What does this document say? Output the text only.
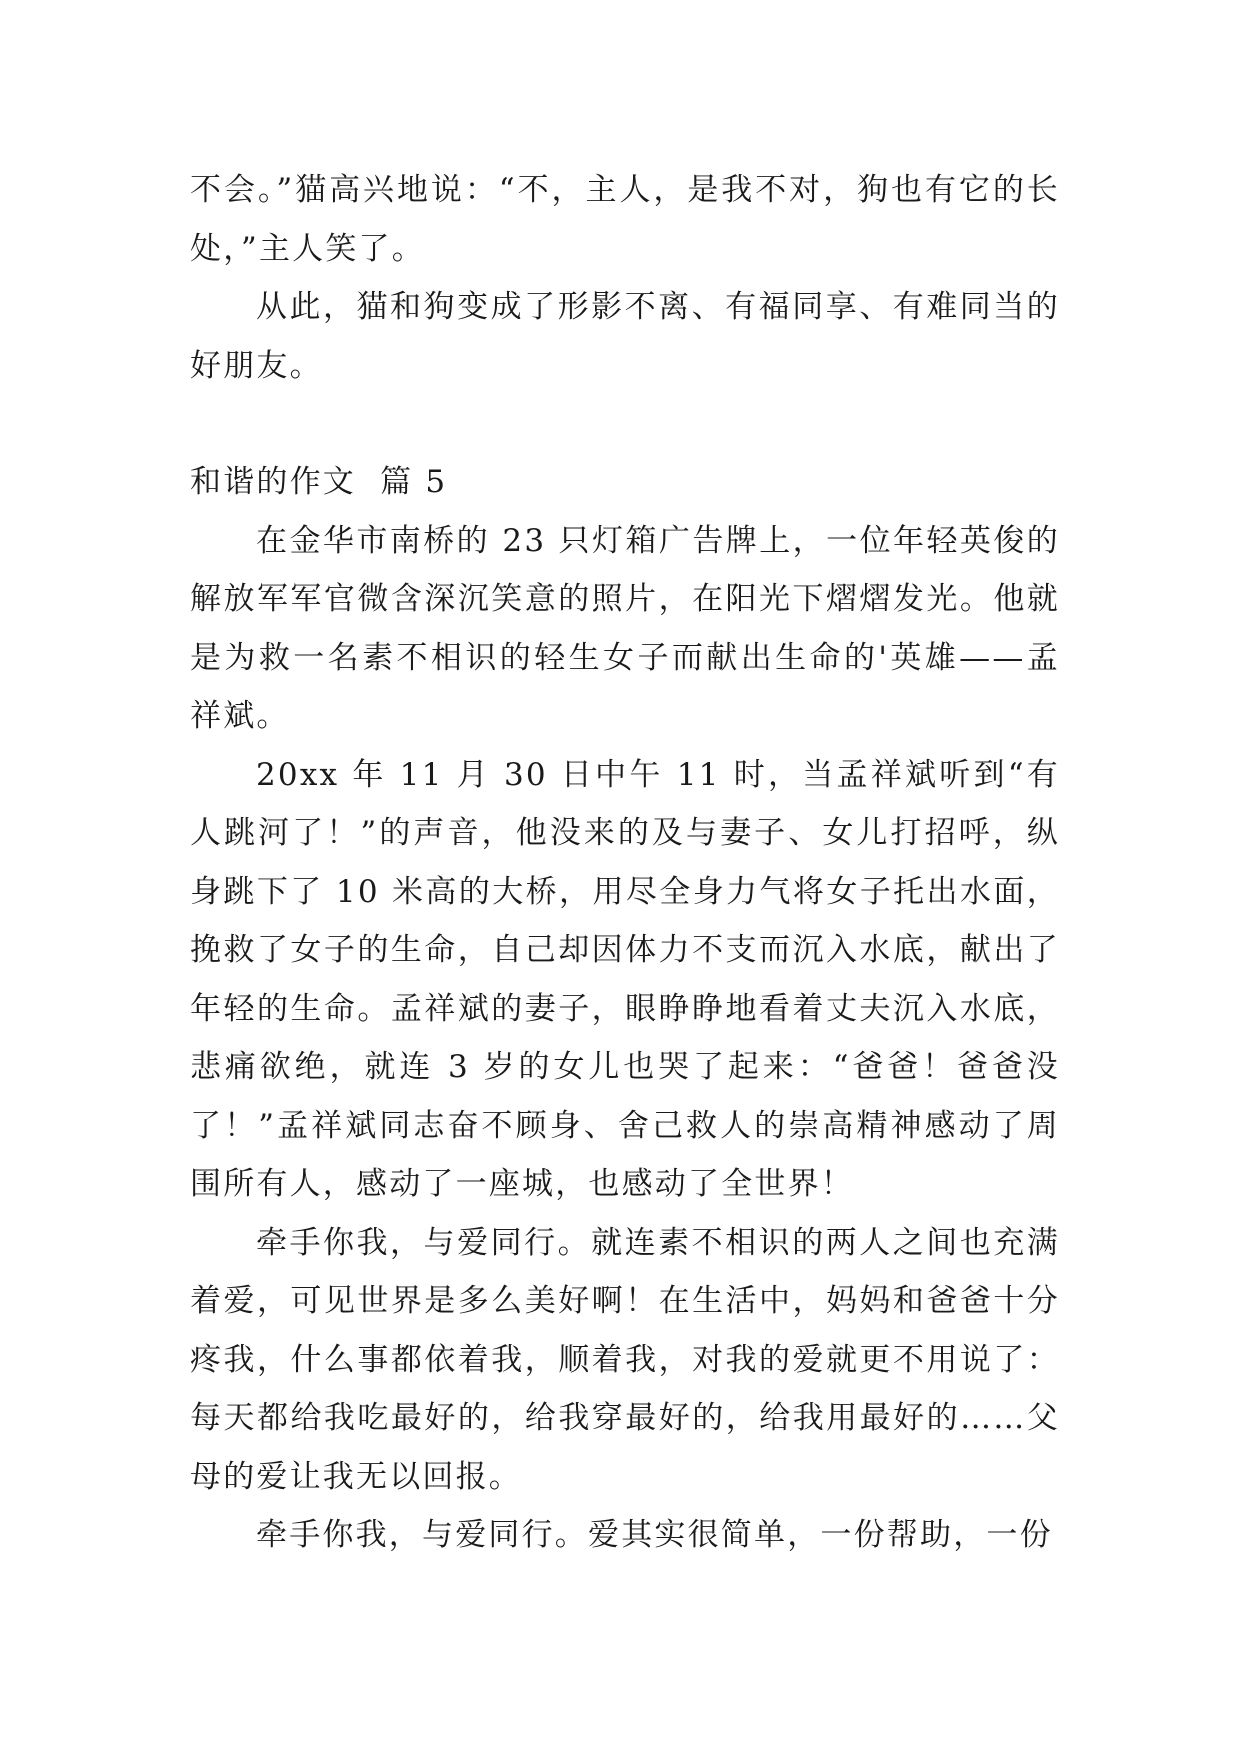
不会。”猫高兴地说：“不，主人，是我不对，狗也有它的长处，”主人笑了。

从此，猫和狗变成了形影不离、有福同享、有难同当的好朋友。

和谐的作文  篇 5

在金华市南桥的 23 只灯箱广告牌上，一位年轻英俊的解放军军官微含深沉笑意的照片，在阳光下熠熠发光。他就是为救一名素不相识的轻生女子而献出生命的'英雄——孟祥斌。

20xx 年 11 月 30 日中午 11 时，当孟祥斌听到“有人跳河了！”的声音，他没来的及与妻子、女儿打招呼，纵身跳下了 10 米高的大桥，用尽全身力气将女子托出水面，挽救了女子的生命，自己却因体力不支而沉入水底，献出了年轻的生命。孟祥斌的妻子，眼睁睁地看着丈夫沉入水底，悲痛欲绝，就连 3 岁的女儿也哭了起来：“爸爸！爸爸没了！”孟祥斌同志奋不顾身、舍己救人的崇高精神感动了周围所有人，感动了一座城，也感动了全世界！

牵手你我，与爱同行。就连素不相识的两人之间也充满着爱，可见世界是多么美好啊！在生活中，妈妈和爸爸十分疼我，什么事都依着我，顺着我，对我的爱就更不用说了：每天都给我吃最好的，给我穿最好的，给我用最好的……父母的爱让我无以回报。

牵手你我，与爱同行。爱其实很简单，一份帮助，一份
